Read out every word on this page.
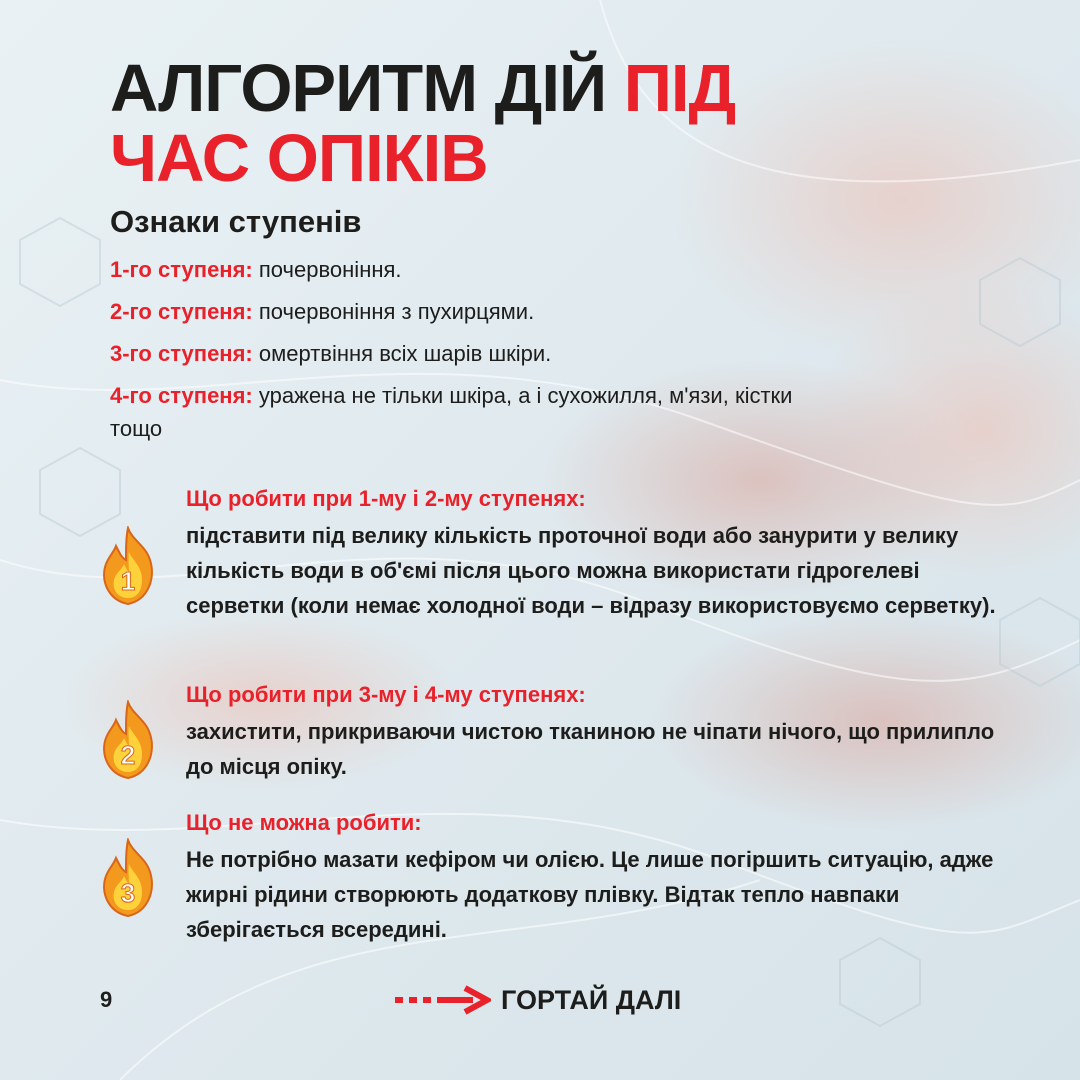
АЛГОРИТМ ДІЙ ПІД
ЧАС ОПІКІВ
Ознаки ступенів
1-го ступеня: почервоніння.
2-го ступеня: почервоніння з пухирцями.
3-го ступеня: омертвіння всіх шарів шкіри.
4-го ступеня: уражена не тільки шкіра, а і сухожилля, м'язи, кістки тощо
1
Що робити при 1-му і 2-му ступенях:
підставити під велику кількість проточної води або занурити у велику кількість води в об'ємі після цього можна використати гідрогелеві серветки (коли немає холодної води – відразу використовуємо серветку).
2
Що робити при 3-му і 4-му ступенях:
захистити, прикриваючи чистою тканиною не чіпати нічого, що прилипло до місця опіку.
3
Що не можна робити:
Не потрібно мазати кефіром чи олією. Це лише погіршить ситуацію, адже жирні рідини створюють додаткову плівку. Відтак тепло навпаки зберігається всередині.
9	ГОРТАЙ ДАЛІ
